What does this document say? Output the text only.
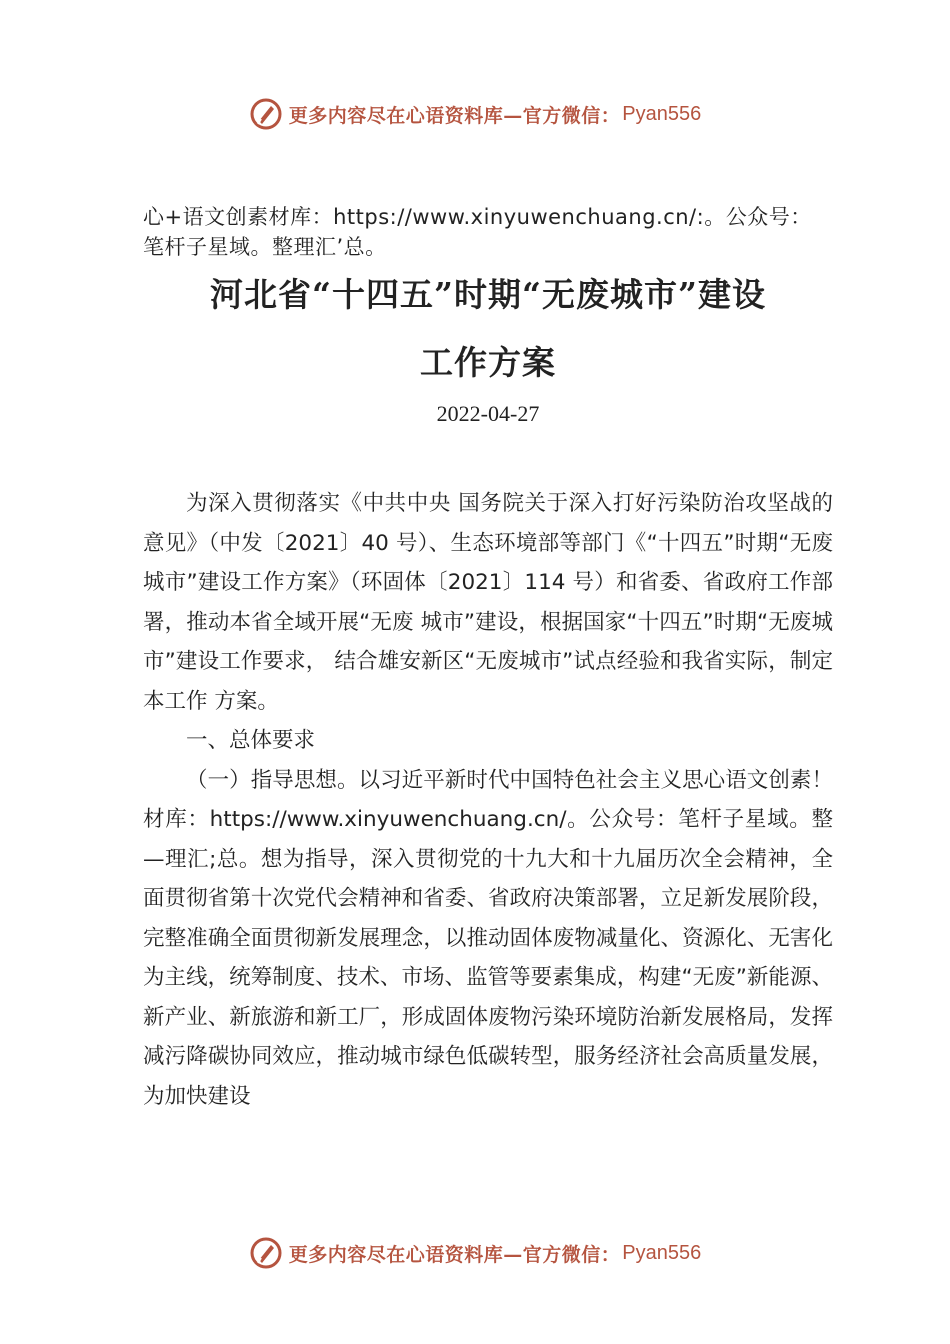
更多内容尽在心语资料库—官方微信： Pyan556
心+语文创素材库：https://www.xinyuwenchuang.cn/:。公众号：笔杆子星域。整理汇’总。
河北省“十四五”时期“无废城市”建设
工作方案
2022-04-27

为深入贯彻落实《中共中央 国务院关于深入打好污染防治攻坚战的意见》（中发〔2021〕40 号）、生态环境部等部门《“十四五”时期“无废城市”建设工作方案》（环固体〔2021〕114 号）和省委、省政府工作部署，推动本省全域开展“无废 城市”建设，根据国家“十四五”时期“无废城市”建设工作要求， 结合雄安新区“无废城市”试点经验和我省实际，制定本工作 方案。

一、总体要求

（一）指导思想。以习近平新时代中国特色社会主义思心语文创素！材库：https://www.xinyuwenchuang.cn/。公众号：笔杆子星域。整—理汇;总。想为指导，深入贯彻党的十九大和十九届历次全会精神，全面贯彻省第十次党代会精神和省委、省政府决策部署，立足新发展阶段，完整准确全面贯彻新发展理念，以推动固体废物减量化、资源化、无害化为主线，统筹制度、技术、市场、监管等要素集成，构建“无废”新能源、新产业、新旅游和新工厂，形成固体废物污染环境防治新发展格局，发挥减污降碳协同效应，推动城市绿色低碳转型，服务经济社会高质量发展，为加快建设

更多内容尽在心语资料库—官方微信： Pyan556
